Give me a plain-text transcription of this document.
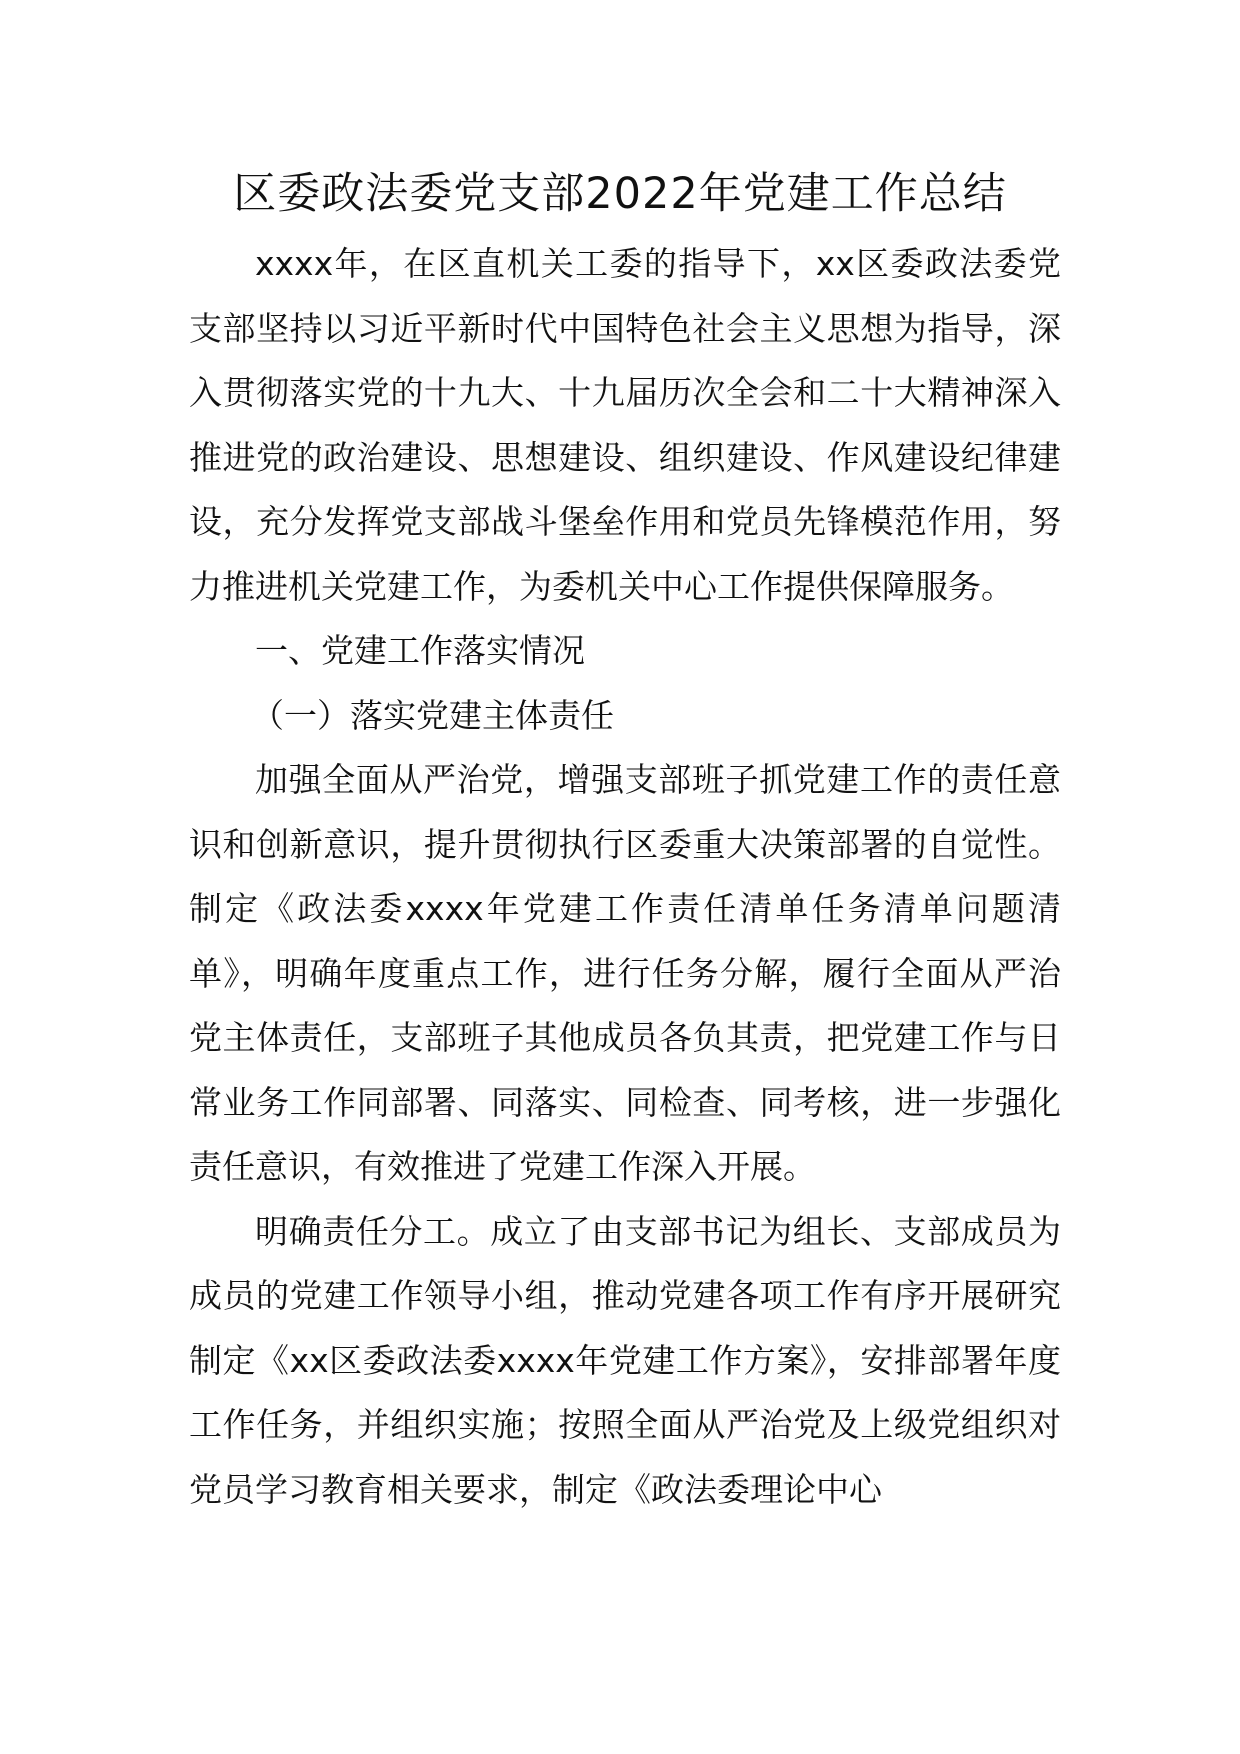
区委政法委党支部2022年党建工作总结

xxxx年，在区直机关工委的指导下，xx区委政法委党支部坚持以习近平新时代中国特色社会主义思想为指导，深入贯彻落实党的十九大、十九届历次全会和二十大精神深入推进党的政治建设、思想建设、组织建设、作风建设纪律建设，充分发挥党支部战斗堡垒作用和党员先锋模范作用，努力推进机关党建工作，为委机关中心工作提供保障服务。

一、党建工作落实情况

（一）落实党建主体责任

加强全面从严治党，增强支部班子抓党建工作的责任意识和创新意识，提升贯彻执行区委重大决策部署的自觉性。制定《政法委xxxx年党建工作责任清单任务清单问题清单》，明确年度重点工作，进行任务分解，履行全面从严治党主体责任，支部班子其他成员各负其责，把党建工作与日常业务工作同部署、同落实、同检查、同考核，进一步强化责任意识，有效推进了党建工作深入开展。

明确责任分工。成立了由支部书记为组长、支部成员为成员的党建工作领导小组，推动党建各项工作有序开展研究制定《xx区委政法委xxxx年党建工作方案》，安排部署年度工作任务，并组织实施；按照全面从严治党及上级党组织对党员学习教育相关要求，制定《政法委理论中心
